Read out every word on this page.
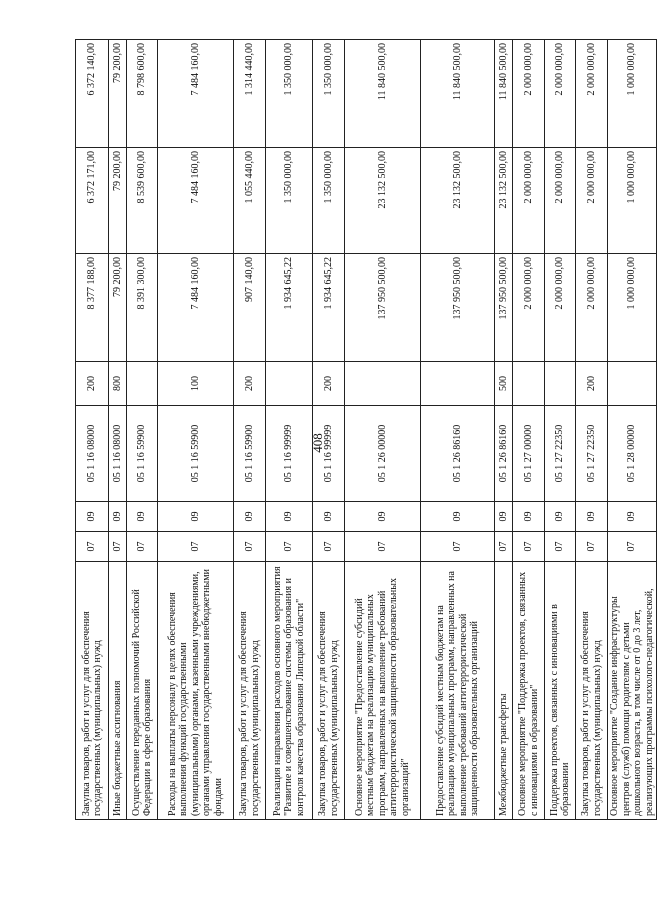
408
Закупка товаров, работ и услуг для обеспечения государственных (муниципальных) нужд	07	09	05 1 16 08000	200	8 377 188,00	6 372 171,00	6 372 140,00
Иные бюджетные ассигнования	07	09	05 1 16 08000	800	79 200,00	79 200,00	79 200,00
Осуществление переданных полномочий Российской Федерации в сфере образования	07	09	05 1 16 59900		8 391 300,00	8 539 600,00	8 798 600,00
Расходы на выплаты персоналу в целях обеспечения выполнения функций государственными (муниципальными) органами, казенными учреждениями, органами управления государственными внебюджетными фондами	07	09	05 1 16 59900	100	7 484 160,00	7 484 160,00	7 484 160,00
Закупка товаров, работ и услуг для обеспечения государственных (муниципальных) нужд	07	09	05 1 16 59900	200	907 140,00	1 055 440,00	1 314 440,00
Реализация направления расходов основного мероприятия "Развитие и совершенствование системы образования и контроля качества образования Липецкой области"	07	09	05 1 16 99999		1 934 645,22	1 350 000,00	1 350 000,00
Закупка товаров, работ и услуг для обеспечения государственных (муниципальных) нужд	07	09	05 1 16 99999	200	1 934 645,22	1 350 000,00	1 350 000,00
Основное мероприятие "Предоставление субсидий местным бюджетам на реализацию муниципальных программ, направленных на выполнение требований антитеррористической защищенности образовательных организаций"	07	09	05 1 26 00000		137 950 500,00	23 132 500,00	11 840 500,00
Предоставление субсидий местным бюджетам на реализацию муниципальных программ, направленных на выполнение требований антитеррористической защищенности образовательных организаций	07	09	05 1 26 86160		137 950 500,00	23 132 500,00	11 840 500,00
Межбюджетные трансферты	07	09	05 1 26 86160	500	137 950 500,00	23 132 500,00	11 840 500,00
Основное мероприятие "Поддержка проектов, связанных с инновациями в образовании"	07	09	05 1 27 00000		2 000 000,00	2 000 000,00	2 000 000,00
Поддержка проектов, связанных с инновациями в образовании	07	09	05 1 27 22350		2 000 000,00	2 000 000,00	2 000 000,00
Закупка товаров, работ и услуг для обеспечения государственных (муниципальных) нужд	07	09	05 1 27 22350	200	2 000 000,00	2 000 000,00	2 000 000,00
Основное мероприятие "Создание инфраструктуры центров (служб) помощи родителям с детьми дошкольного возраста, в том числе от 0 до 3 лет, реализующих программы психолого-педагогической,	07	09	05 1 28 00000		1 000 000,00	1 000 000,00	1 000 000,00
